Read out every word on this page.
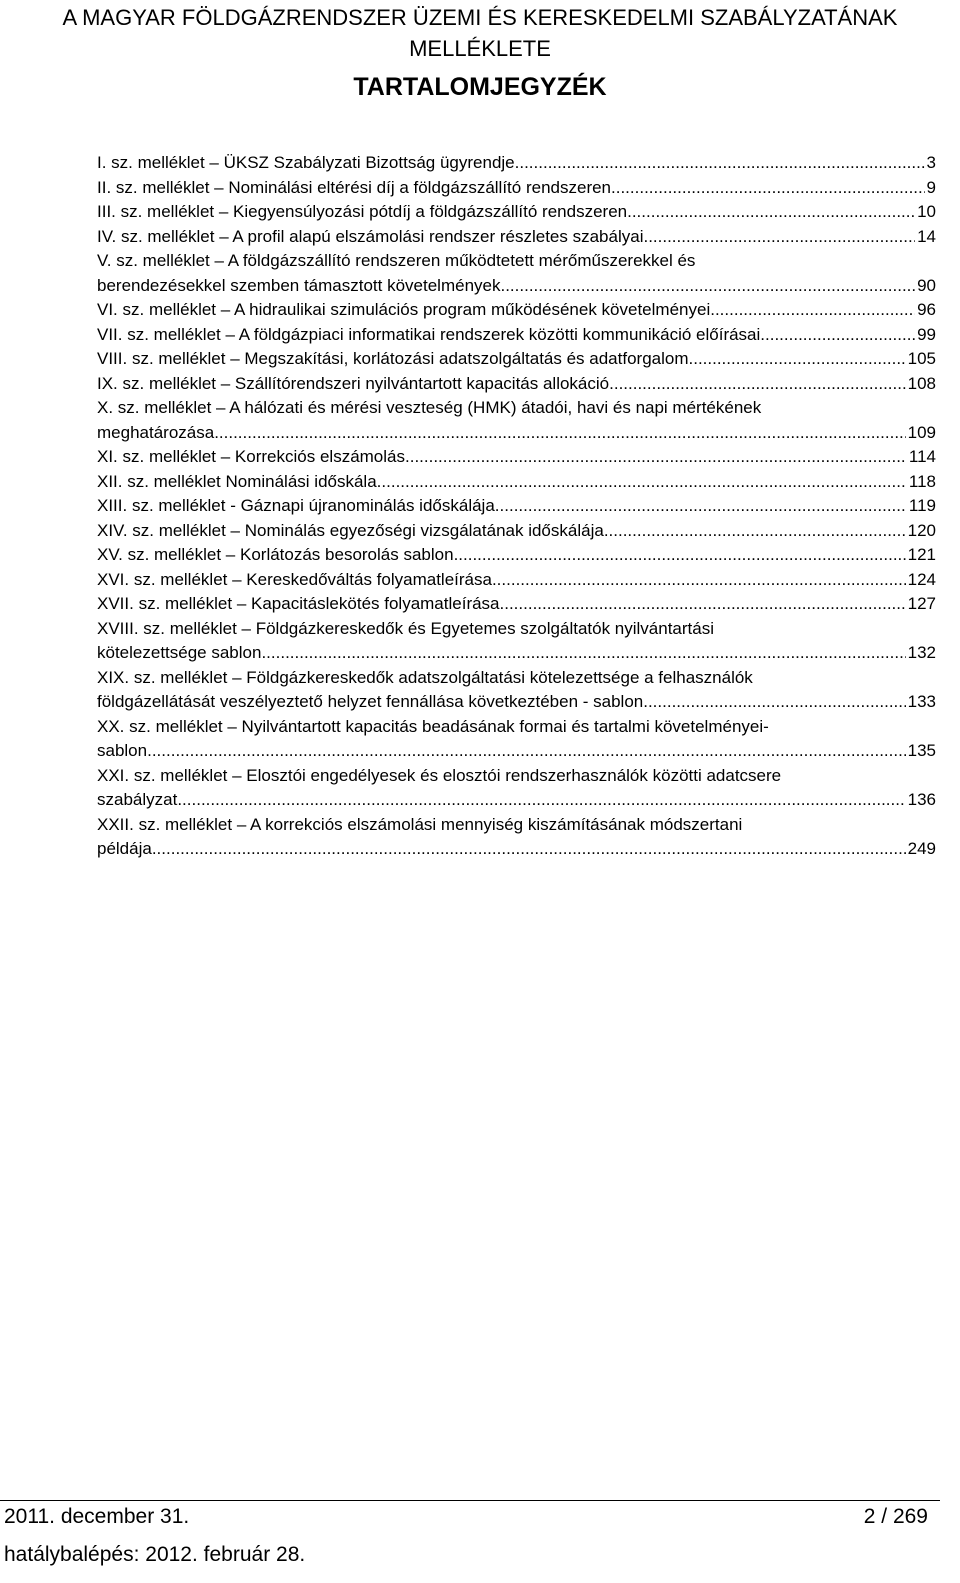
A MAGYAR FÖLDGÁZRENDSZER ÜZEMI ÉS KERESKEDELMI SZABÁLYZATÁNAK
MELLÉKLETE
TARTALOMJEGYZÉK
I. sz. melléklet – ÜKSZ Szabályzati Bizottság ügyrendje .....	3
II. sz. melléklet – Nominálási eltérési díj a földgázszállító rendszeren .....	9
III. sz. melléklet – Kiegyensúlyozási pótdíj a földgázszállító rendszeren .....	10
IV. sz. melléklet – A profil alapú elszámolási rendszer részletes szabályai .....	14
V. sz. melléklet – A földgázszállító rendszeren működtetett mérőműszerekkel és
berendezésekkel szemben támasztott követelmények .....	90
VI. sz. melléklet – A hidraulikai szimulációs program működésének követelményei .....	96
VII. sz. melléklet – A földgázpiaci informatikai rendszerek közötti kommunikáció előírásai. .....	99
VIII. sz. melléklet – Megszakítási, korlátozási adatszolgáltatás és adatforgalom .....	105
IX. sz. melléklet – Szállítórendszeri nyilvántartott kapacitás allokáció .....	108
X. sz. melléklet – A hálózati és mérési veszteség (HMK) átadói, havi és napi mértékének
meghatározása .....	109
XI. sz. melléklet – Korrekciós elszámolás .....	114
XII. sz. melléklet Nominálási időskála .....	118
XIII. sz. melléklet - Gáznapi újranominálás időskálája .....	119
XIV. sz. melléklet – Nominálás egyezőségi vizsgálatának időskálája .....	120
XV. sz. melléklet – Korlátozás besorolás sablon .....	121
XVI. sz. melléklet – Kereskedőváltás folyamatleírása .....	124
XVII. sz. melléklet – Kapacitáslekötés folyamatleírása .....	127
XVIII. sz. melléklet – Földgázkereskedők és Egyetemes szolgáltatók nyilvántartási
kötelezettsége sablon .....	132
XIX. sz. melléklet – Földgázkereskedők adatszolgáltatási kötelezettsége a felhasználók
földgázellátását veszélyeztető helyzet fennállása következtében - sablon .....	133
XX. sz. melléklet – Nyilvántartott kapacitás beadásának formai és tartalmi követelményei-
sablon .....	135
XXI. sz. melléklet – Elosztói engedélyesek és elosztói rendszerhasználók közötti adatcsere
szabályzat .....	136
XXII. sz. melléklet – A korrekciós elszámolási mennyiség kiszámításának módszertani
példája .....	249
2011. december 31.	2 / 269
hatálybalépés: 2012. február 28.
